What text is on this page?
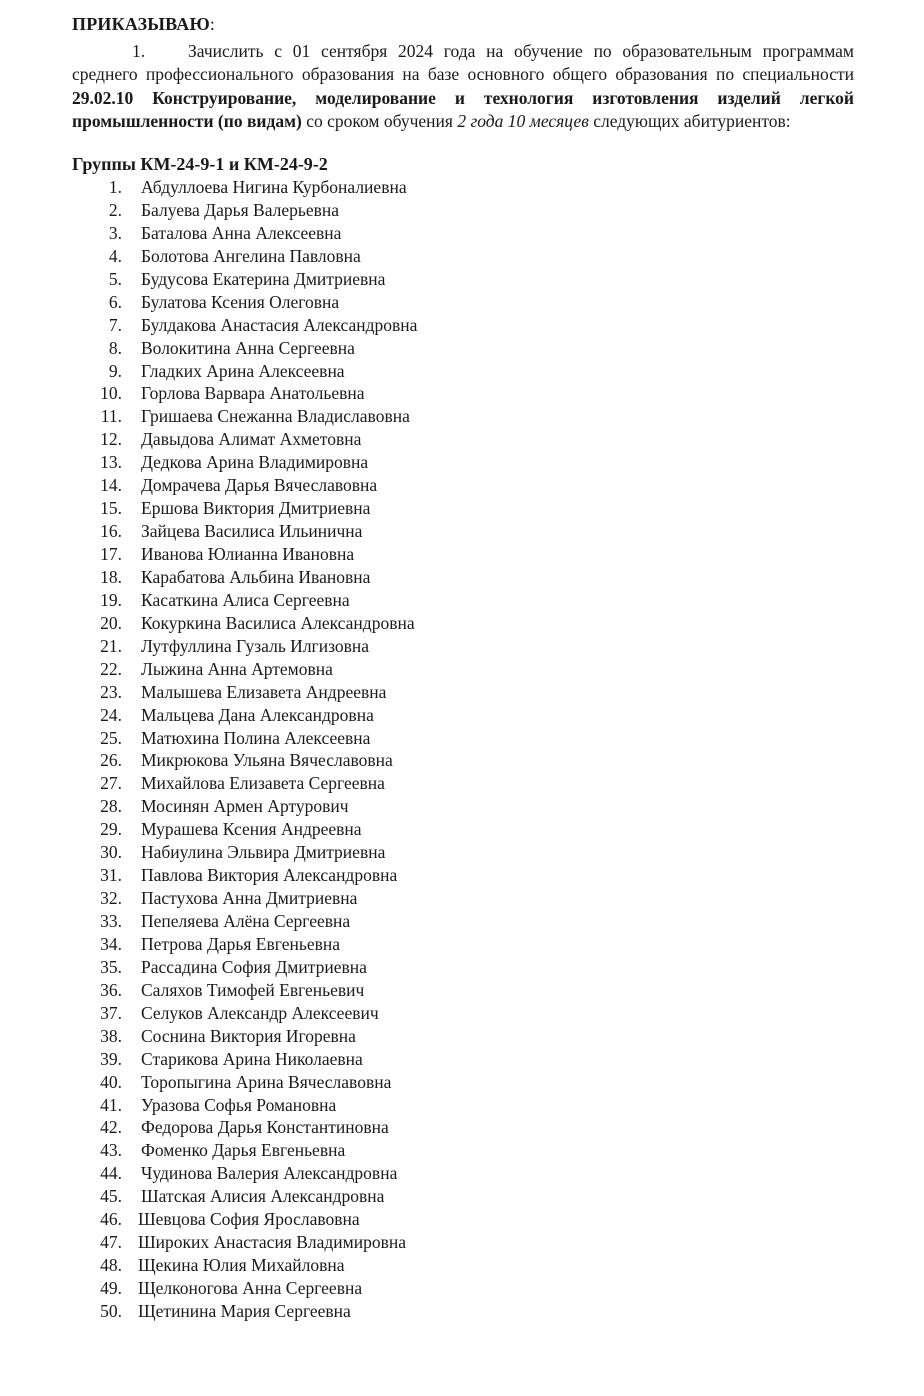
ПРИКАЗЫВАЮ:
1. Зачислить с 01 сентября 2024 года на обучение по образовательным программам среднего профессионального образования на базе основного общего образования по специальности 29.02.10 Конструирование, моделирование и технология изготовления изделий легкой промышленности (по видам) со сроком обучения 2 года 10 месяцев следующих абитуриентов:
Группы КМ-24-9-1 и КМ-24-9-2
1. Абдуллоева Нигина Курбоналиевна
2. Балуева Дарья Валерьевна
3. Баталова Анна Алексеевна
4. Болотова Ангелина Павловна
5. Будусова Екатерина Дмитриевна
6. Булатова Ксения Олеговна
7. Булдакова Анастасия Александровна
8. Волокитина Анна Сергеевна
9. Гладких Арина Алексеевна
10. Горлова Варвара Анатольевна
11. Гришаева Снежанна Владиславовна
12. Давыдова Алимат Ахметовна
13. Дедкова Арина Владимировна
14. Домрачева Дарья Вячеславовна
15. Ершова Виктория Дмитриевна
16. Зайцева Василиса Ильинична
17. Иванова Юлианна Ивановна
18. Карабатова Альбина Ивановна
19. Касаткина Алиса Сергеевна
20. Кокуркина Василиса Александровна
21. Лутфуллина Гузаль Илгизовна
22. Лыжина Анна Артемовна
23. Малышева Елизавета Андреевна
24. Мальцева Дана Александровна
25. Матюхина Полина Алексеевна
26. Микрюкова Ульяна Вячеславовна
27. Михайлова Елизавета Сергеевна
28. Мосинян Армен Артурович
29. Мурашева Ксения Андреевна
30. Набиулина Эльвира Дмитриевна
31. Павлова Виктория Александровна
32. Пастухова Анна Дмитриевна
33. Пепеляева Алёна Сергеевна
34. Петрова Дарья Евгеньевна
35. Рассадина София Дмитриевна
36. Саляхов Тимофей Евгеньевич
37. Селуков Александр Алексеевич
38. Соснина Виктория Игоревна
39. Старикова Арина Николаевна
40. Торопыгина Арина Вячеславовна
41. Уразова Софья Романовна
42. Федорова Дарья Константиновна
43. Фоменко Дарья Евгеньевна
44. Чудинова Валерия Александровна
45. Шатская Алисия Александровна
46. Шевцова София Ярославовна
47. Широких Анастасия Владимировна
48. Щекина Юлия Михайловна
49. Щелконогова Анна Сергеевна
50. Щетинина Мария Сергеевна
